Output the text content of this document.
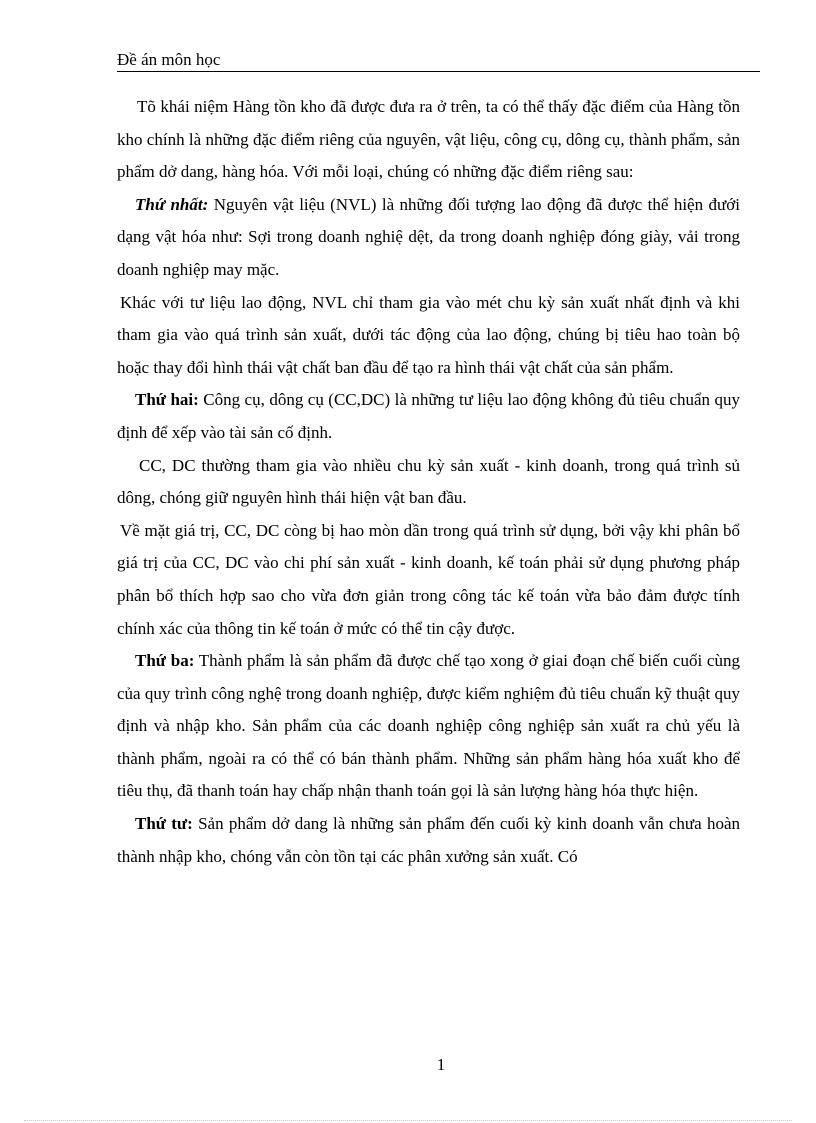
Đề án môn học

Tõ khái niệm Hàng tồn kho đã được đưa ra ở trên, ta có thể thấy đặc điểm của Hàng tồn kho chính là những đặc điểm riêng của nguyên, vật liệu, công cụ, dông cụ, thành phẩm, sản phẩm dở dang, hàng hóa. Với mỗi loại, chúng có những đặc điểm riêng sau:

Thứ nhất: Nguyên vật liệu (NVL) là những đối tượng lao động đã được thể hiện đưới dạng vật hóa như: Sợi trong doanh nghiệ dệt, da trong doanh nghiệp đóng giày, vải trong doanh nghiệp may mặc.

Khác với tư liệu lao động, NVL chỉ tham gia vào mét chu kỳ sản xuất nhất định và khi tham gia vào quá trình sản xuất, dưới tác động của lao động, chúng bị tiêu hao toàn bộ hoặc thay đổi hình thái vật chất ban đầu để tạo ra hình thái vật chất của sản phẩm.

Thứ hai: Công cụ, dông cụ (CC,DC) là những tư liệu lao động không đủ tiêu chuẩn quy định để xếp vào tài sản cố định.

CC, DC thường tham gia vào nhiều chu kỳ sản xuất - kinh doanh, trong quá trình sủ dông, chóng giữ nguyên hình thái hiện vật ban đầu.

Về mặt giá trị, CC, DC còng bị hao mòn dần trong quá trình sử dụng, bởi vậy khi phân bổ giá trị của CC, DC vào chi phí sản xuất - kinh doanh, kế toán phải sử dụng phương pháp phân bổ thích hợp sao cho vừa đơn giản trong công tác kế toán vừa bảo đảm được tính chính xác của thông tin kế toán ở mức có thể tin cậy được.

Thứ ba: Thành phẩm là sản phẩm đã được chế tạo xong ở giai đoạn chế biến cuối cùng của quy trình công nghệ trong doanh nghiệp, được kiểm nghiệm đủ tiêu chuẩn kỹ thuật quy định và nhập kho. Sản phẩm của các doanh nghiệp công nghiệp sản xuất ra chủ yếu là thành phẩm, ngoài ra có thể có bán thành phẩm. Những sản phẩm hàng hóa xuất kho để tiêu thụ, đã thanh toán hay chấp nhận thanh toán gọi là sản lượng hàng hóa thực hiện.

Thứ tư: Sản phẩm dở dang là những sản phẩm đến cuối kỳ kinh doanh vẫn chưa hoàn thành nhập kho, chóng vẫn còn tồn tại các phân xưởng sản xuất. Có

1
